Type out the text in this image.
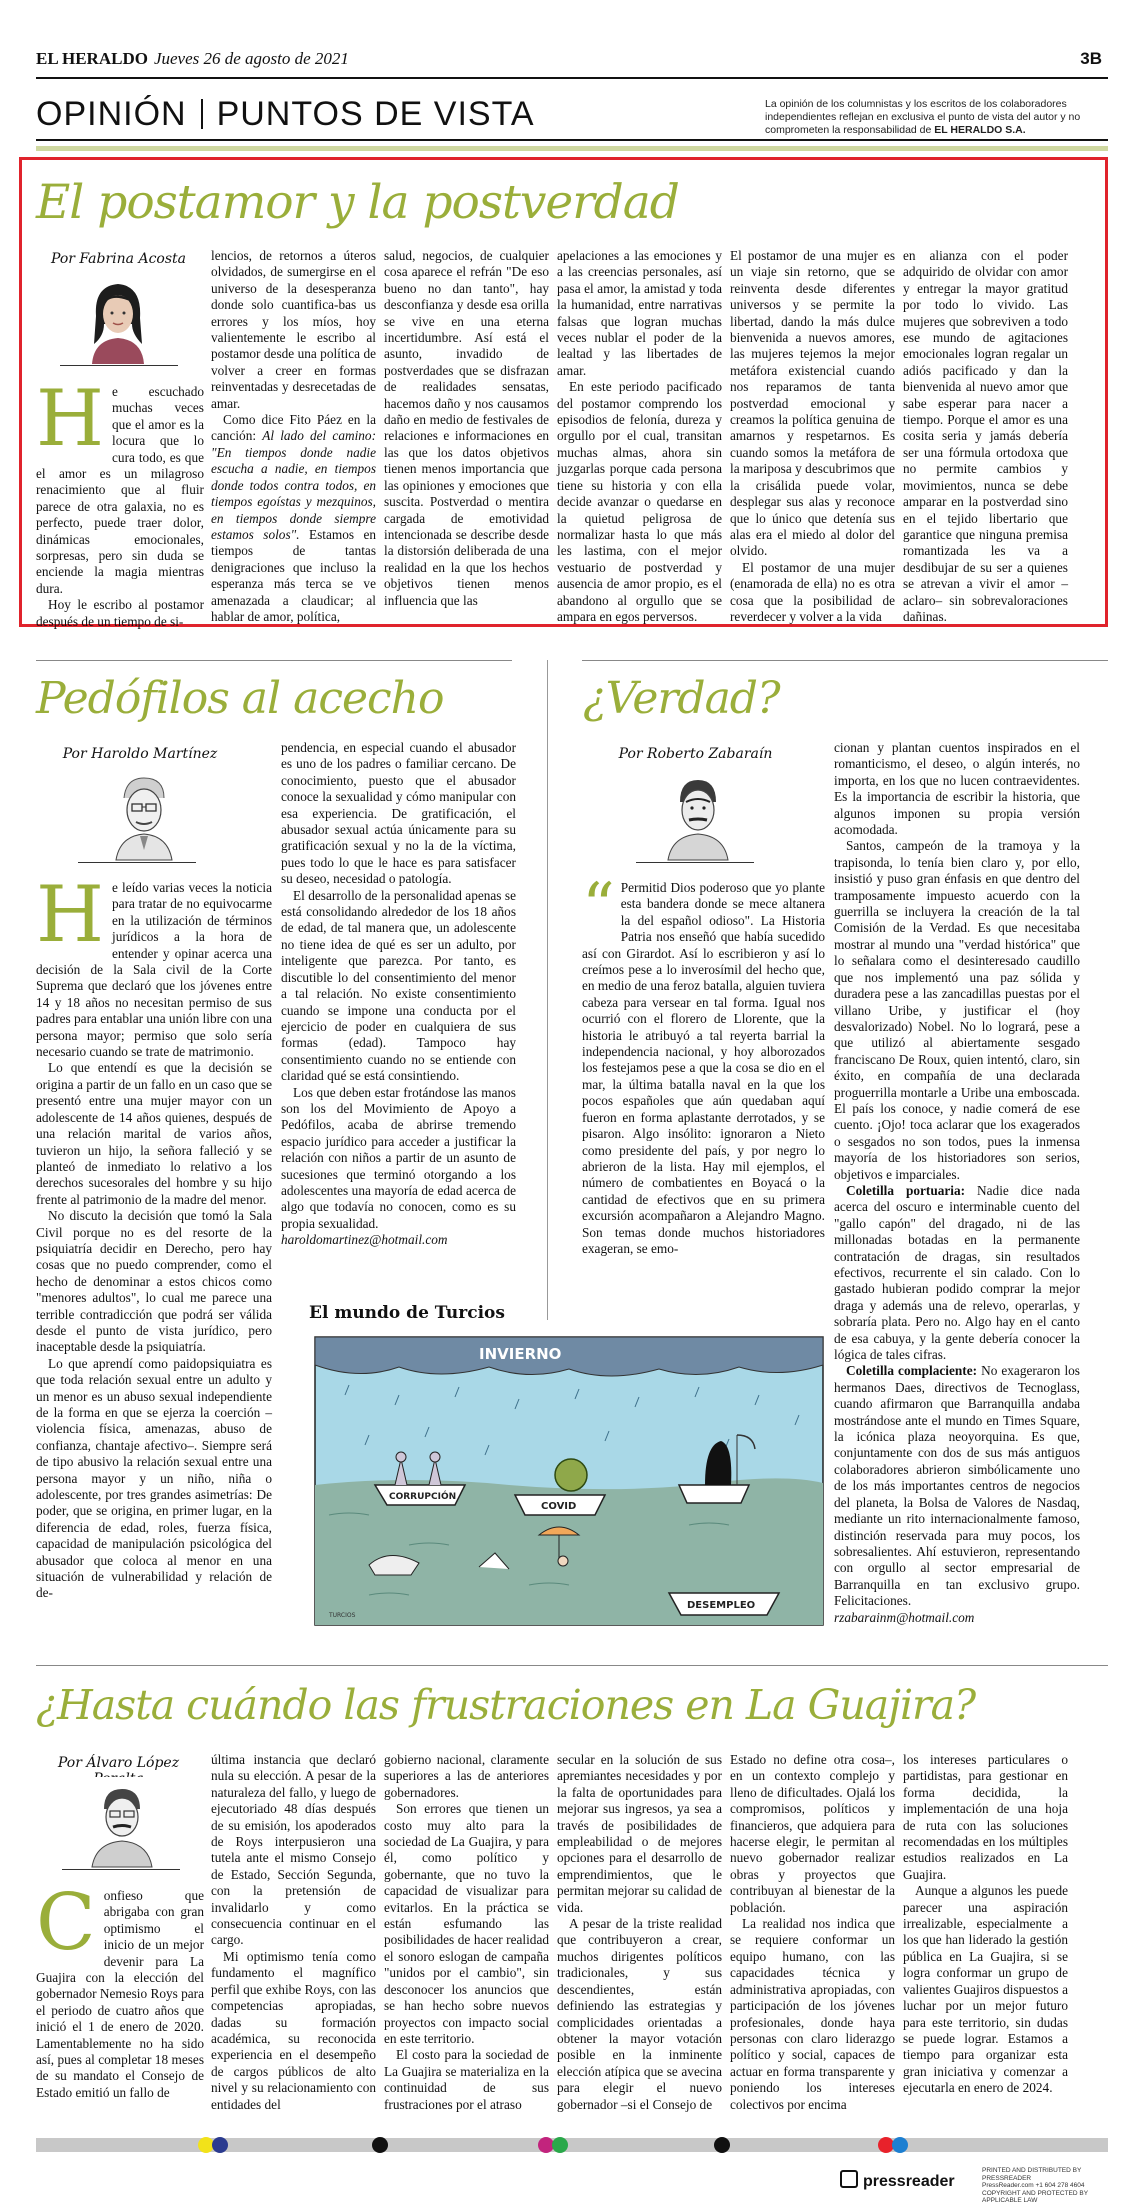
EL HERALDO Jueves 26 de agosto de 2021	3B
OPINIÓN PUNTOS DE VISTA	La opinión de los columnistas y los escritos de los colaboradores independientes reflejan en exclusiva el punto de vista del autor y no comprometen la responsabilidad de EL HERALDO S.A.
El postamor y la postverdad
Por Fabrina Acosta
H e escuchado muchas veces que el amor es la locura que lo cura todo, es que el amor es un milagroso renacimiento que al fluir parece de otra galaxia, no es perfecto, puede traer dolor, dinámicas emocionales, sorpresas, pero sin duda se enciende la magia mientras dura.

Hoy le escribo al postamor después de un tiempo de si-

lencios, de retornos a úteros olvidados, de sumergirse en el universo de la desesperanza donde solo cuantifica-bas us errores y los míos, hoy valientemente le escribo al postamor desde una política de volver a creer en formas reinventadas y desrecetadas de amar.

Como dice Fito Páez en la canción: Al lado del camino: "En tiempos donde nadie escucha a nadie, en tiempos donde todos contra todos, en tiempos egoístas y mezquinos, en tiempos donde siempre estamos solos". Estamos en tiempos de tantas denigraciones que incluso la esperanza más terca se ve amenazada a claudicar; al hablar de amor, política,

salud, negocios, de cualquier cosa aparece el refrán "De eso bueno no dan tanto", hay desconfianza y desde esa orilla se vive en una eterna incertidumbre. Así está el asunto, invadido de postverdades que se disfrazan de realidades sensatas, hacemos daño y nos causamos daño en medio de festivales de relaciones e informaciones en las que los datos objetivos tienen menos importancia que las opiniones y emociones que suscita. Postverdad o mentira cargada de emotividad intencionada se describe desde la distorsión deliberada de una realidad en la que los hechos objetivos tienen menos influencia que las

apelaciones a las emociones y a las creencias personales, así pasa el amor, la amistad y toda la humanidad, entre narrativas falsas que logran muchas veces nublar el poder de la lealtad y las libertades de amar.

En este periodo pacificado del postamor comprendo los episodios de felonía, dureza y orgullo por el cual, transitan muchas almas, ahora sin juzgarlas porque cada persona tiene su historia y con ella decide avanzar o quedarse en la quietud peligrosa de normalizar hasta lo que más les lastima, con el mejor vestuario de postverdad y ausencia de amor propio, es el abandono al orgullo que se ampara en egos perversos.

El postamor de una mujer es un viaje sin retorno, que se reinventa desde diferentes universos y se permite la libertad, dando la más dulce bienvenida a nuevos amores, las mujeres tejemos la mejor metáfora existencial cuando nos reparamos de tanta postverdad emocional y creamos la política genuina de amarnos y respetarnos. Es cuando somos la metáfora de la mariposa y descubrimos que la crisálida puede volar, desplegar sus alas y reconoce que lo único que detenía sus alas era el miedo al dolor del olvido.

El postamor de una mujer (enamorada de ella) no es otra cosa que la posibilidad de reverdecer y volver a la vida

en alianza con el poder adquirido de olvidar con amor y entregar la mayor gratitud por todo lo vivido. Las mujeres que sobreviven a todo ese mundo de agitaciones emocionales logran regalar un adiós pacificado y dan la bienvenida al nuevo amor que sabe esperar para nacer a tiempo. Porque el amor es una cosita seria y jamás debería ser una fórmula ortodoxa que no permite cambios y movimientos, nunca se debe amparar en la postverdad sino en el tejido libertario que garantice que ninguna premisa romantizada les va a desdibujar de su ser a quienes se atrevan a vivir el amor –aclaro– sin sobrevaloraciones dañinas.

Pedófilos al acecho
Por Haroldo Martínez
H e leído varias veces la noticia para tratar de no equivocarme en la utilización de términos jurídicos a la hora de entender y opinar acerca una decisión de la Sala civil de la Corte Suprema que declaró que los jóvenes entre 14 y 18 años no necesitan permiso de sus padres para entablar una unión libre con una persona mayor; permiso que solo sería necesario cuando se trate de matrimonio.

Lo que entendí es que la decisión se origina a partir de un fallo en un caso que se presentó entre una mujer mayor con un adolescente de 14 años quienes, después de una relación marital de varios años, tuvieron un hijo, la señora falleció y se planteó de inmediato lo relativo a los derechos sucesorales del hombre y su hijo frente al patrimonio de la madre del menor.

No discuto la decisión que tomó la Sala Civil porque no es del resorte de la psiquiatría decidir en Derecho, pero hay cosas que no puedo comprender, como el hecho de denominar a estos chicos como "menores adultos", lo cual me parece una terrible contradicción que podrá ser válida desde el punto de vista jurídico, pero inaceptable desde la psiquiatría.

Lo que aprendí como paidopsiquiatra es que toda relación sexual entre un adulto y un menor es un abuso sexual independiente de la forma en que se ejerza la coerción –violencia física, amenazas, abuso de confianza, chantaje afectivo–. Siempre será de tipo abusivo la relación sexual entre una persona mayor y un niño, niña o adolescente, por tres grandes asimetrías: De poder, que se origina, en primer lugar, en la diferencia de edad, roles, fuerza física, capacidad de manipulación psicológica del abusador que coloca al menor en una situación de vulnerabilidad y relación de de-

pendencia, en especial cuando el abusador es uno de los padres o familiar cercano. De conocimiento, puesto que el abusador conoce la sexualidad y cómo manipular con esa experiencia. De gratificación, el abusador sexual actúa únicamente para su gratificación sexual y no la de la víctima, pues todo lo que le hace es para satisfacer su deseo, necesidad o patología.

El desarrollo de la personalidad apenas se está consolidando alrededor de los 18 años de edad, de tal manera que, un adolescente no tiene idea de qué es ser un adulto, por inteligente que parezca. Por tanto, es discutible lo del consentimiento del menor a tal relación. No existe consentimiento cuando se impone una conducta por el ejercicio de poder en cualquiera de sus formas (edad). Tampoco hay consentimiento cuando no se entiende con claridad qué se está consintiendo.

Los que deben estar frotándose las manos son los del Movimiento de Apoyo a Pedófilos, acaba de abrirse tremendo espacio jurídico para acceder a justificar la relación con niños a partir de un asunto de sucesiones que terminó otorgando a los adolescentes una mayoría de edad acerca de algo que todavía no conocen, como es su propia sexualidad.

haroldomartinez@hotmail.com

¿Verdad?
Por Roberto Zabaraín
“ Permitid Dios poderoso que yo plante esta bandera donde se mece altanera la del español odioso". La Historia Patria nos enseñó que había sucedido así con Girardot. Así lo escribieron y así lo creímos pese a lo inverosímil del hecho que, en medio de una feroz batalla, alguien tuviera cabeza para versear en tal forma. Igual nos ocurrió con el florero de Llorente, que la historia le atribuyó a tal reyerta barrial la independencia nacional, y hoy alborozados los festejamos pese a que la cosa se dio en el mar, la última batalla naval en la que los pocos españoles que aún quedaban aquí fueron en forma aplastante derrotados, y se pisaron. Algo insólito: ignoraron a Nieto como presidente del país, y por negro lo abrieron de la lista. Hay mil ejemplos, el número de combatientes en Boyacá o la cantidad de efectivos que en su primera excursión acompañaron a Alejandro Magno. Son temas donde muchos historiadores exageran, se emo-

cionan y plantan cuentos inspirados en el romanticismo, el deseo, o algún interés, no importa, en los que no lucen contraevidentes. Es la importancia de escribir la historia, que algunos imponen su propia versión acomodada.

Santos, campeón de la tramoya y la trapisonda, lo tenía bien claro y, por ello, insistió y puso gran énfasis en que dentro del tramposamente impuesto acuerdo con la guerrilla se incluyera la creación de la tal Comisión de la Verdad. Es que necesitaba mostrar al mundo una "verdad histórica" que lo señalara como el desinteresado caudillo que nos implementó una paz sólida y duradera pese a las zancadillas puestas por el villano Uribe, y justificar el (hoy desvalorizado) Nobel. No lo logrará, pese a que utilizó al abiertamente sesgado franciscano De Roux, quien intentó, claro, sin éxito, en compañía de una declarada proguerrilla montarle a Uribe una emboscada. El país los conoce, y nadie comerá de ese cuento. ¡Ojo! toca aclarar que los exagerados o sesgados no son todos, pues la inmensa mayoría de los historiadores son serios, objetivos e imparciales.

Coletilla portuaria: Nadie dice nada acerca del oscuro e interminable cuento del "gallo capón" del dragado, ni de las millonadas botadas en la permanente contratación de dragas, sin resultados efectivos, recurrente el sin calado. Con lo gastado hubieran podido comprar la mejor draga y además una de relevo, operarlas, y sobraría plata. Pero no. Algo hay en el canto de esa cabuya, y la gente debería conocer la lógica de tales cifras.

Coletilla complaciente: No exageraron los hermanos Daes, directivos de Tecnoglass, cuando afirmaron que Barranquilla andaba mostrándose ante el mundo en Times Square, la icónica plaza neoyorquina. Es que, conjuntamente con dos de sus más antiguos colaboradores abrieron simbólicamente uno de los más importantes centros de negocios del planeta, la Bolsa de Valores de Nasdaq, mediante un rito internacionalmente famoso, distinción reservada para muy pocos, los sobresalientes. Ahí estuvieron, representando con orgullo al sector empresarial de Barranquilla en tan exclusivo grupo. Felicitaciones.

rzabarainm@hotmail.com

El mundo de Turcios
INVIERNO
CORRUPCIÓN
COVID
DESEMPLEO
TURCIOS
¿Hasta cuándo las frustraciones en La Guajira?
Por Álvaro López
C onfieso que abrigaba con gran optimismo el inicio de un mejor devenir para La Guajira con la elección del gobernador Nemesio Roys para el periodo de cuatro años que inició el 1 de enero de 2020. Lamentablemente no ha sido así, pues al completar 18 meses de su mandato el Consejo de Estado emitió un fallo de

última instancia que declaró nula su elección. A pesar de la naturaleza del fallo, y luego de ejecutoriado 48 días después de su emisión, los apoderados de Roys interpusieron una tutela ante el mismo Consejo de Estado, Sección Segunda, con la pretensión de invalidarlo y como consecuencia continuar en el cargo.

Mi optimismo tenía como fundamento el magnífico perfil que exhibe Roys, con las competencias apropiadas, dadas su formación académica, su reconocida experiencia en el desempeño de cargos públicos de alto nivel y su relacionamiento con entidades del

gobierno nacional, claramente superiores a las de anteriores gobernadores.

Son errores que tienen un costo muy alto para la sociedad de La Guajira, y para él, como político y gobernante, que no tuvo la capacidad de visualizar para evitarlos. En la práctica se están esfumando las posibilidades de hacer realidad el sonoro eslogan de campaña "unidos por el cambio", sin desconocer los anuncios que se han hecho sobre nuevos proyectos con impacto social en este territorio.

El costo para la sociedad de La Guajira se materializa en la continuidad de sus frustraciones por el atraso

secular en la solución de sus apremiantes necesidades y por la falta de oportunidades para mejorar sus ingresos, ya sea a través de posibilidades de empleabilidad o de mejores opciones para el desarrollo de emprendimientos, que le permitan mejorar su calidad de vida.

A pesar de la triste realidad que contribuyeron a crear, muchos dirigentes políticos tradicionales, y sus descendientes, están definiendo las estrategias y complicidades orientadas a obtener la mayor votación posible en la inminente elección atípica que se avecina para elegir el nuevo gobernador –si el Consejo de

Estado no define otra cosa–, en un contexto complejo y lleno de dificultades. Ojalá los compromisos, políticos y financieros, que adquiera para hacerse elegir, le permitan al nuevo gobernador realizar obras y proyectos que contribuyan al bienestar de la población.

La realidad nos indica que se requiere conformar un equipo humano, con las capacidades técnica y administrativa apropiadas, con participación de los jóvenes profesionales, donde haya personas con claro liderazgo político y social, capaces de actuar en forma transparente y poniendo los intereses colectivos por encima

los intereses particulares o partidistas, para gestionar en forma decidida, la implementación de una hoja de ruta con las soluciones recomendadas en los múltiples estudios realizados en La Guajira.

Aunque a algunos les puede parecer una aspiración irrealizable, especialmente a los que han liderado la gestión pública en La Guajira, si se logra conformar un grupo de valientes Guajiros dispuestos a luchar por un mejor futuro para este territorio, sin dudas se puede lograr. Estamos a tiempo para organizar esta gran iniciativa y comenzar a ejecutarla en enero de 2024.

pressreader
PRINTED AND DISTRIBUTED BY PRESSREADER
PressReader.com +1 604 278 4604
COPYRIGHT AND PROTECTED BY APPLICABLE LAW
